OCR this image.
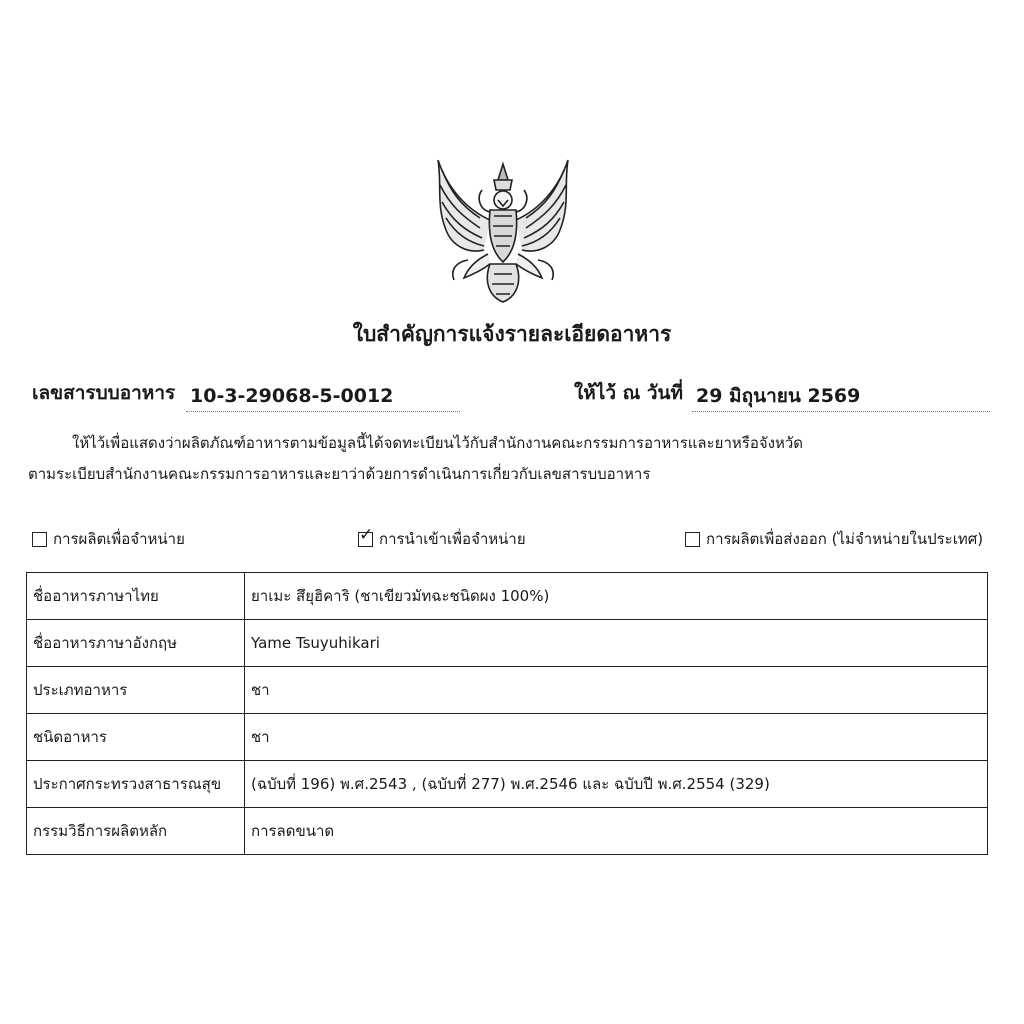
ใบสำคัญการแจ้งรายละเอียดอาหาร
เลขสารบบอาหาร 10-3-29068-5-0012	ให้ไว้ ณ วันที่ 29 มิถุนายน 2569
ให้ไว้เพื่อแสดงว่าผลิตภัณฑ์อาหารตามข้อมูลนี้ได้จดทะเบียนไว้กับสำนักงานคณะกรรมการอาหารและยาหรือจังหวัด
ตามระเบียบสำนักงานคณะกรรมการอาหารและยาว่าด้วยการดำเนินการเกี่ยวกับเลขสารบบอาหาร
การผลิตเพื่อจำหน่าย	✓ การนำเข้าเพื่อจำหน่าย	การผลิตเพื่อส่งออก (ไม่จำหน่ายในประเทศ)
ชื่ออาหารภาษาไทย	ยาเมะ สึยุฮิคาริ (ชาเขียวมัทฉะชนิดผง 100%)
ชื่ออาหารภาษาอังกฤษ	Yame Tsuyuhikari
ประเภทอาหาร	ชา
ชนิดอาหาร	ชา
ประกาศกระทรวงสาธารณสุข	(ฉบับที่ 196) พ.ศ.2543 , (ฉบับที่ 277) พ.ศ.2546 และ ฉบับปี พ.ศ.2554 (329)
กรรมวิธีการผลิตหลัก	การลดขนาด
